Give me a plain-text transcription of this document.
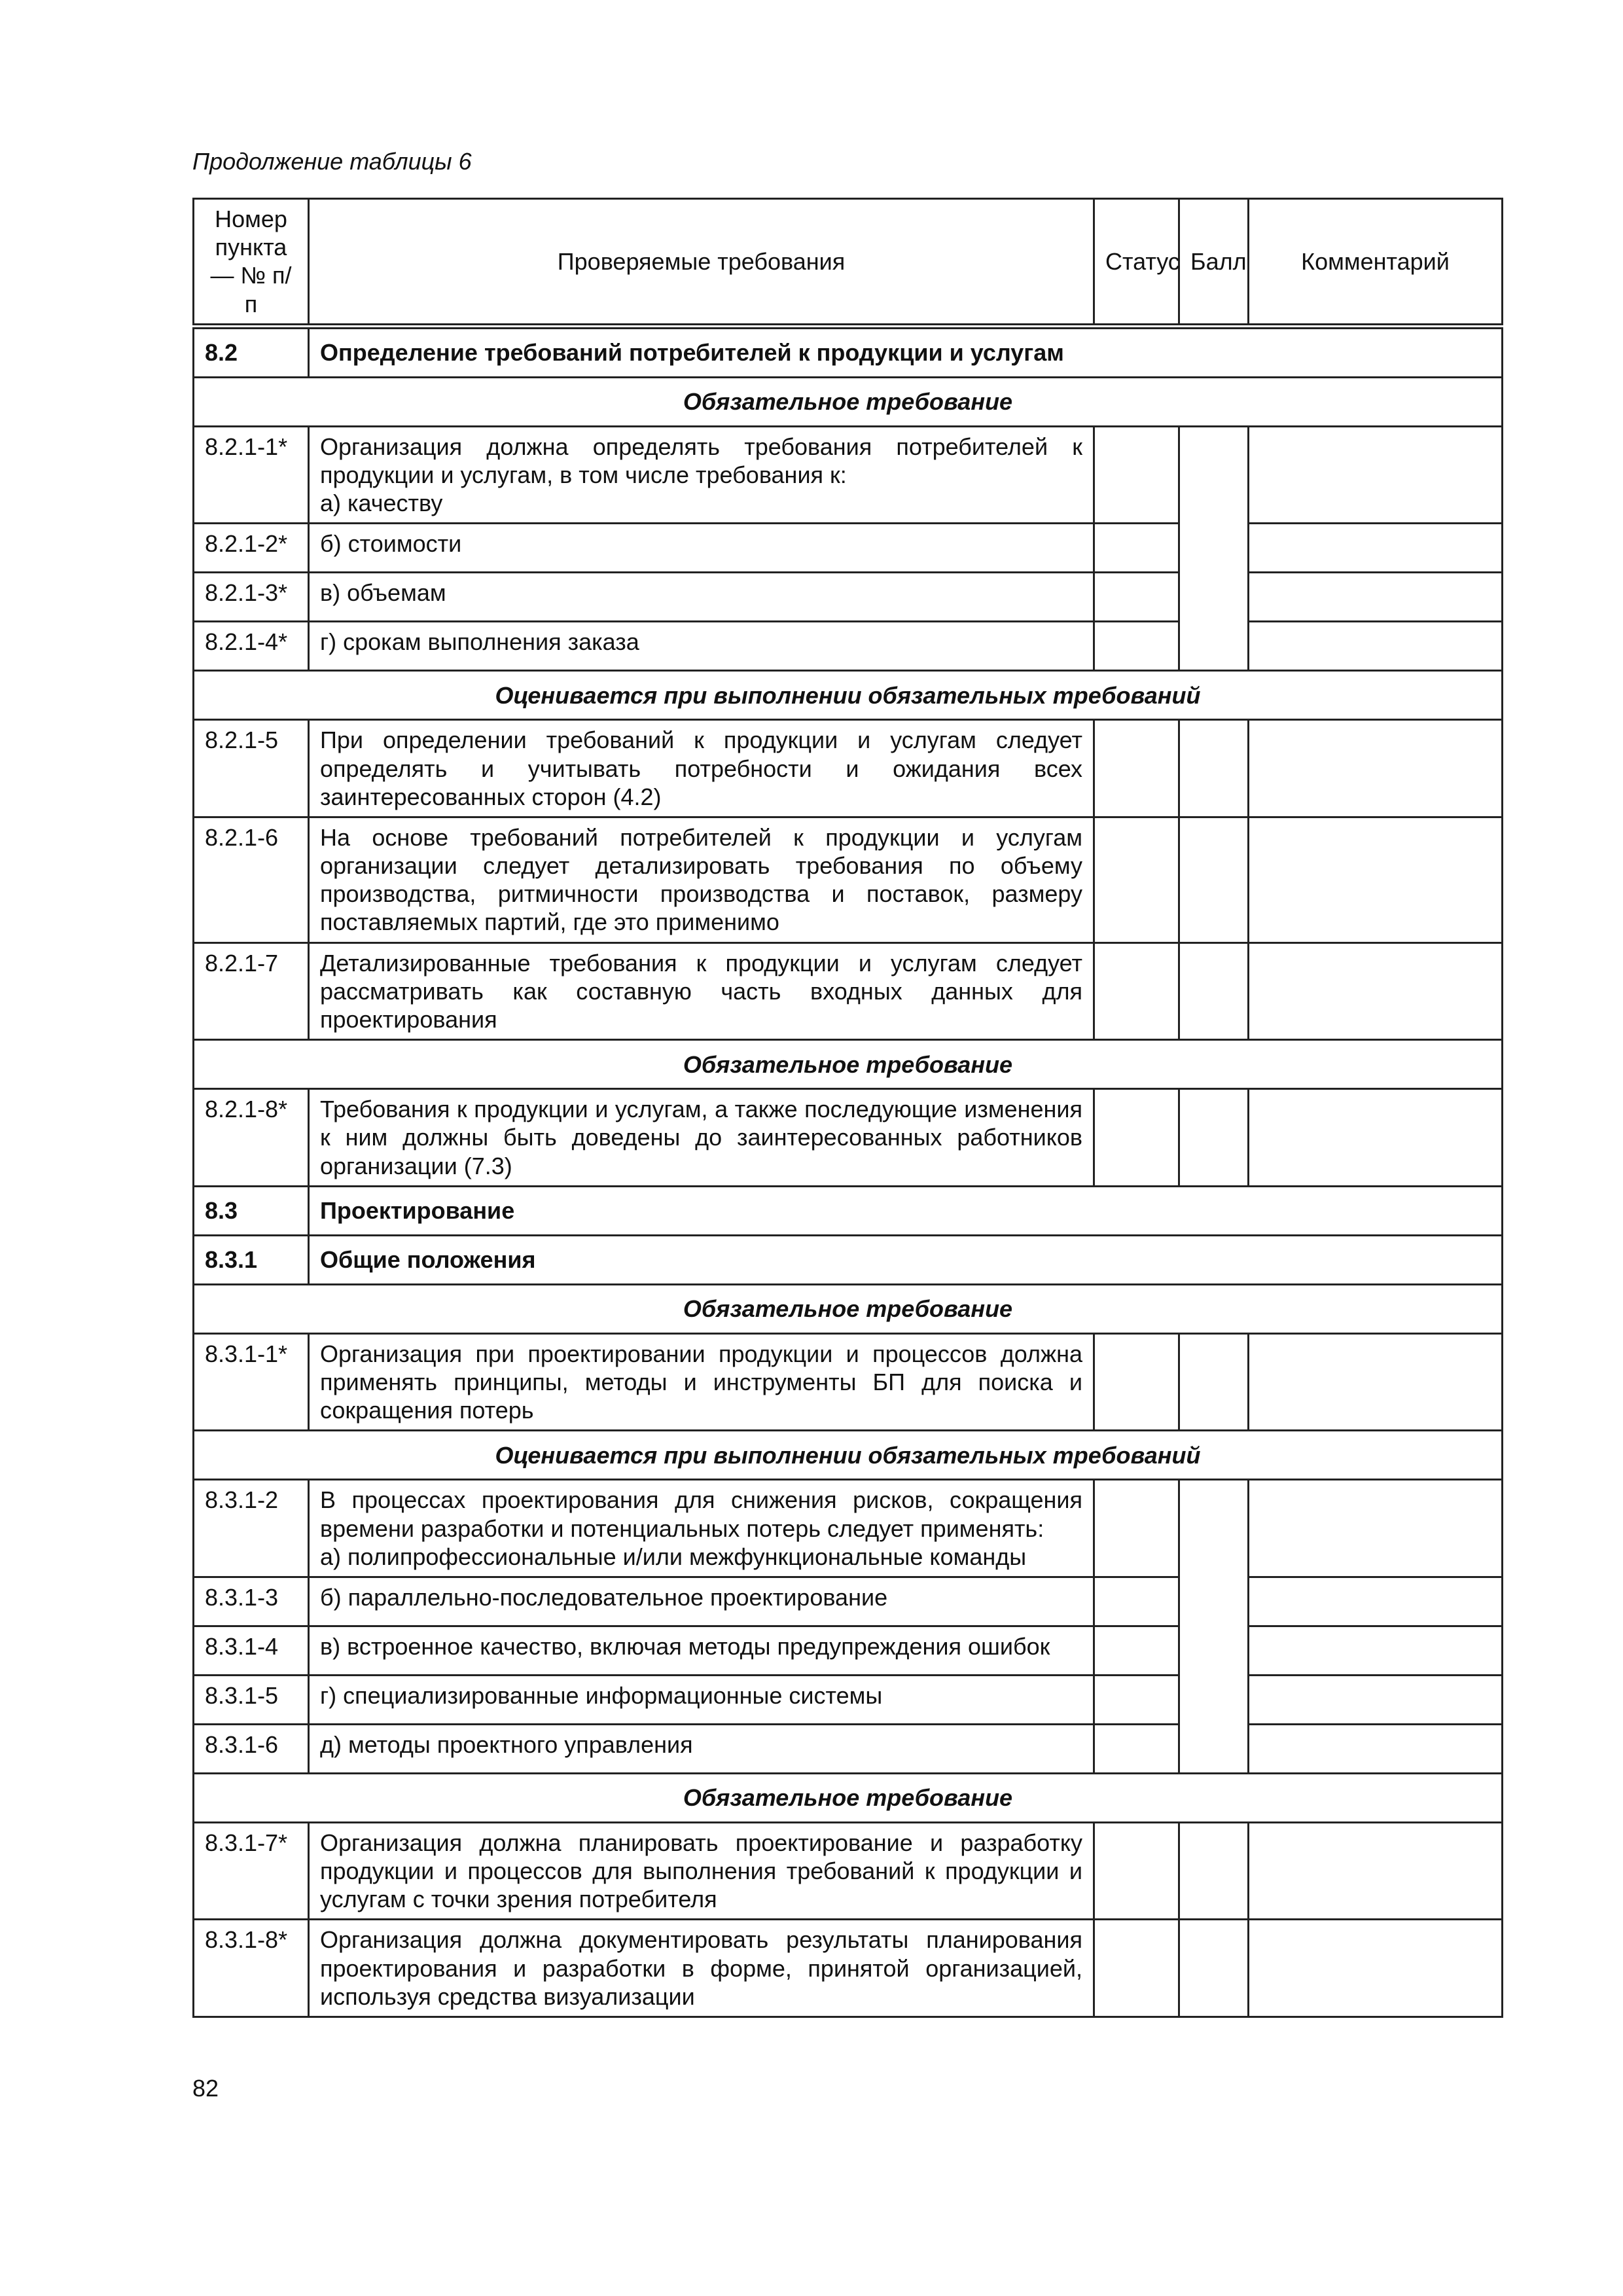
Продолжение таблицы 6
Номер пункта — № п/п	Проверяемые требования	Статус	Балл	Комментарий
8.2	Определение требований потребителей к продукции и услугам			
Обязательное требование				
8.2.1-1*	Организация должна определять требования потребителей к продукции и услугам, в том числе требования к:
а) качеству			

8.2.1-2*	б) стоимости			

8.2.1-3*	в) объемам			

8.2.1-4*	г) срокам выполнения заказа			

Оценивается при выполнении обязательных требований				
8.2.1-5	При определении требований к продукции и услугам следует определять и учитывать потребности и ожидания всех заинтересованных сторон (4.2)			

8.2.1-6	На основе требований потребителей к продукции и услугам организации следует детализировать требования по объему производства, ритмичности производства и поставок, размеру поставляемых партий, где это применимо			

8.2.1-7	Детализированные требования к продукции и услугам следует рассматривать как составную часть входных данных для проектирования			

Обязательное требование				
8.2.1-8*	Требования к продукции и услугам, а также последующие изменения к ним должны быть доведены до заинтересованных работников организации (7.3)			

8.3	Проектирование			
8.3.1	Общие положения			
Обязательное требование				
8.3.1-1*	Организация при проектировании продукции и процессов должна применять принципы, методы и инструменты БП для поиска и сокращения потерь			

Оценивается при выполнении обязательных требований				
8.3.1-2	В процессах проектирования для снижения рисков, сокращения времени разработки и потенциальных потерь следует применять:
а) полипрофессиональные и/или межфункциональные команды			

8.3.1-3	б) параллельно-последовательное проектирование			

8.3.1-4	в) встроенное качество, включая методы предупреждения ошибок			

8.3.1-5	г) специализированные информационные системы			

8.3.1-6	д) методы проектного управления			

Обязательное требование				
8.3.1-7*	Организация должна планировать проектирование и разработку продукции и процессов для выполнения требований к продукции и услугам с точки зрения потребителя			

8.3.1-8*	Организация должна документировать результаты планирования проектирования и разработки в форме, принятой организацией, используя средства визуализации			

82
